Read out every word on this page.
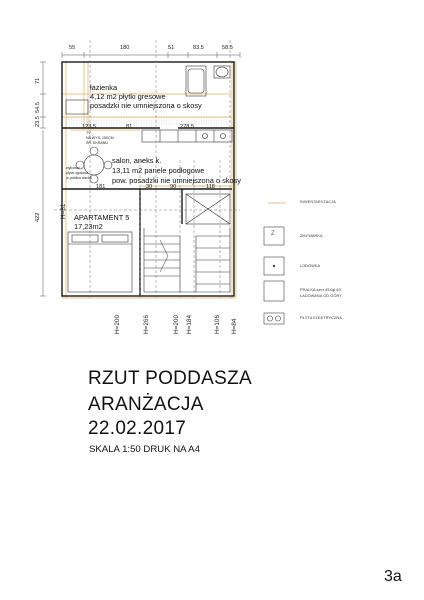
55	180	51	83.5	58.5
71
54.5
23.5
422
123.5	81	278.5
181	30	90	118
łazienka
4,12 m2 płytki gresowe
posadzki nie umniejszona o skosy
salon, aneks k.
13,11 m2 panele podłogowe
pow. posadzki nie umniejszona o skosy
APARTAMENT 5
17,23m2
TV
NA WYS. 150CM
ŚR. EKRANU
wykonać
płyta ogniowa
w pobliżu dachu
H=81
H=200	H=266	H=200 H=184	H=106 H=84
INWENTARYZACJA
Z	ZMYWARKA
LODÓWKA
PRALKA szer.45Xgł.60
ŁADOWANA OD GÓRY
PŁYTA ELEKTRYCZNA
RZUT PODDASZA
ARANŻACJA
22.02.2017
SKALA 1:50 DRUK NA A4
3a
